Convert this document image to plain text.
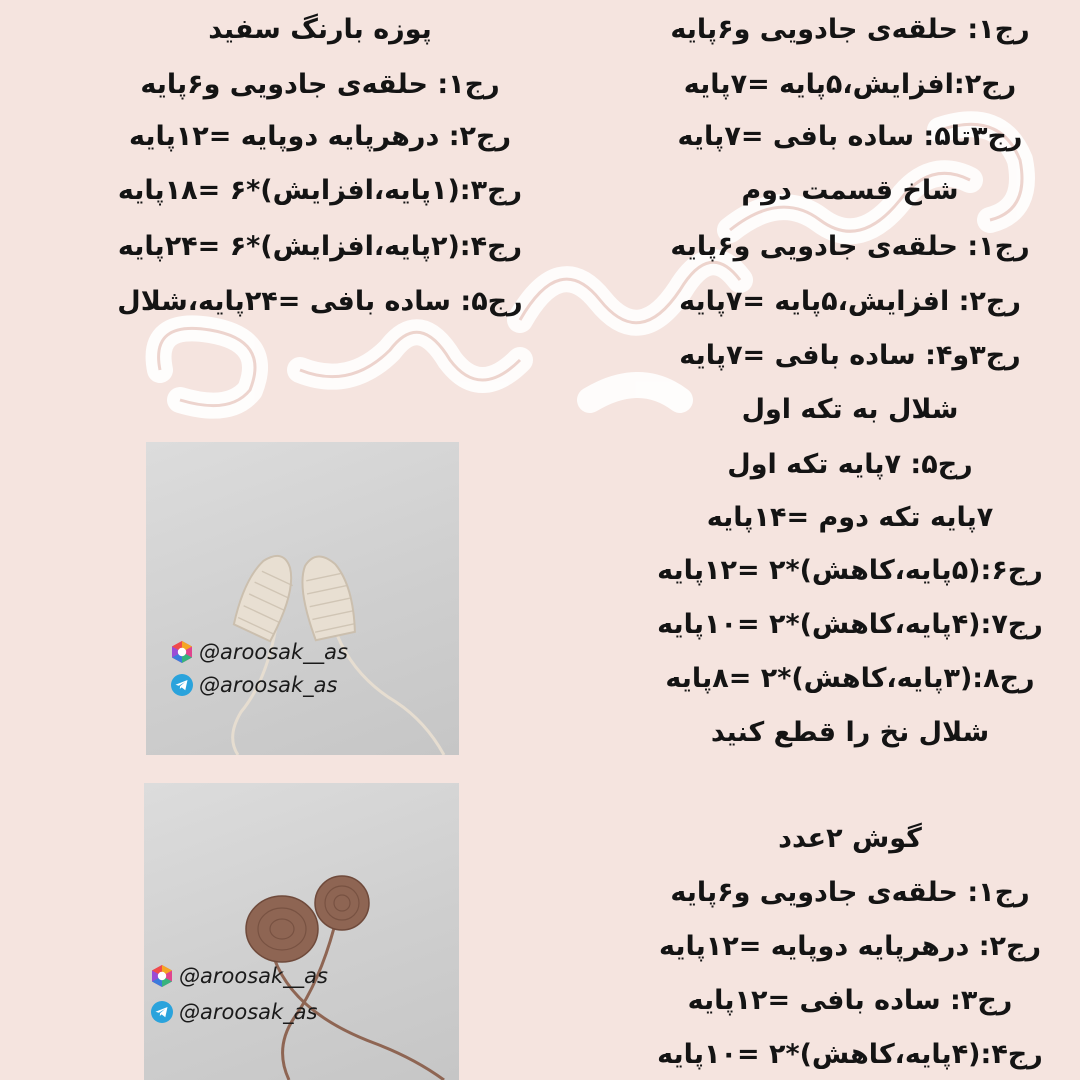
رج۱: حلقه‌ی جادویی و۶پایه
رج۲:افزایش،۵پایه =۷پایه
رج۳تا۵: ساده بافی =۷پایه
شاخ قسمت دوم
رج۱: حلقه‌ی جادویی و۶پایه
رج۲: افزایش،۵پایه =۷پایه
رج۳و۴: ساده بافی =۷پایه
شلال به تکه اول
رج۵: ۷پایه تکه اول
۷پایه تکه دوم =۱۴پایه
رج۶:(۵پایه،کاهش)*۲ =۱۲پایه
رج۷:(۴پایه،کاهش)*۲ =۱۰پایه
رج۸:(۳پایه،کاهش)*۲ =۸پایه
شلال نخ را قطع کنید
گوش ۲عدد
رج۱: حلقه‌ی جادویی و۶پایه
رج۲: درهرپایه دوپایه =۱۲پایه
رج۳: ساده بافی =۱۲پایه
رج۴:(۴پایه،کاهش)*۲ =۱۰پایه
پوزه بارنگ سفید
رج۱: حلقه‌ی جادویی و۶پایه
رج۲: درهرپایه دوپایه =۱۲پایه
رج۳:(۱پایه،افزایش)*۶ =۱۸پایه
رج۴:(۲پایه،افزایش)*۶ =۲۴پایه
رج۵: ساده بافی =۲۴پایه،شلال
@aroosak__as
@aroosak_as
@aroosak__as
@aroosak_as
